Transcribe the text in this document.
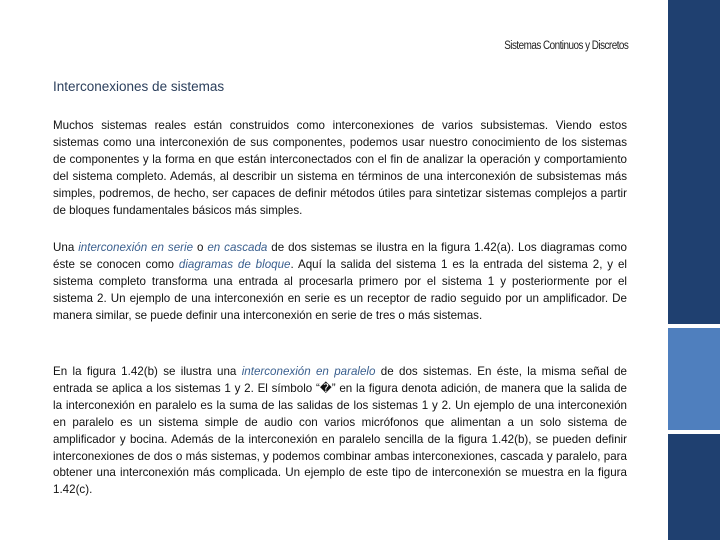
Sistemas Continuos y Discretos
Interconexiones de sistemas

Muchos sistemas reales están construidos como interconexiones de varios subsistemas. Viendo estos sistemas como una interconexión de sus componentes, podemos usar nuestro conocimiento de los sistemas de componentes y la forma en que están interconectados con el fin de analizar la operación y comportamiento del sistema completo. Además, al describir un sistema en términos de una interconexión de subsistemas más simples, podremos, de hecho, ser capaces de definir métodos útiles para sintetizar sistemas complejos a partir de bloques fundamentales básicos más simples.

Una interconexión en serie o en cascada de dos sistemas se ilustra en la figura 1.42(a). Los diagramas como éste se conocen como diagramas de bloque. Aquí la salida del sistema 1 es la entrada del sistema 2, y el sistema completo transforma una entrada al procesarla primero por el sistema 1 y posteriormente por el sistema 2. Un ejemplo de una interconexión en serie es un receptor de radio seguido por un amplificador. De manera similar, se puede definir una interconexión en serie de tres o más sistemas.

En la figura 1.42(b) se ilustra una interconexión en paralelo de dos sistemas. En éste, la misma señal de entrada se aplica a los sistemas 1 y 2. El símbolo “�” en la figura denota adición, de manera que la salida de la interconexión en paralelo es la suma de las salidas de los sistemas 1 y 2. Un ejemplo de una interconexión en paralelo es un sistema simple de audio con varios micrófonos que alimentan a un solo sistema de amplificador y bocina. Además de la interconexión en paralelo sencilla de la figura 1.42(b), se pueden definir interconexiones de dos o más sistemas, y podemos combinar ambas interconexiones, cascada y paralelo, para obtener una interconexión más complicada. Un ejemplo de este tipo de interconexión se muestra en la figura 1.42(c).
